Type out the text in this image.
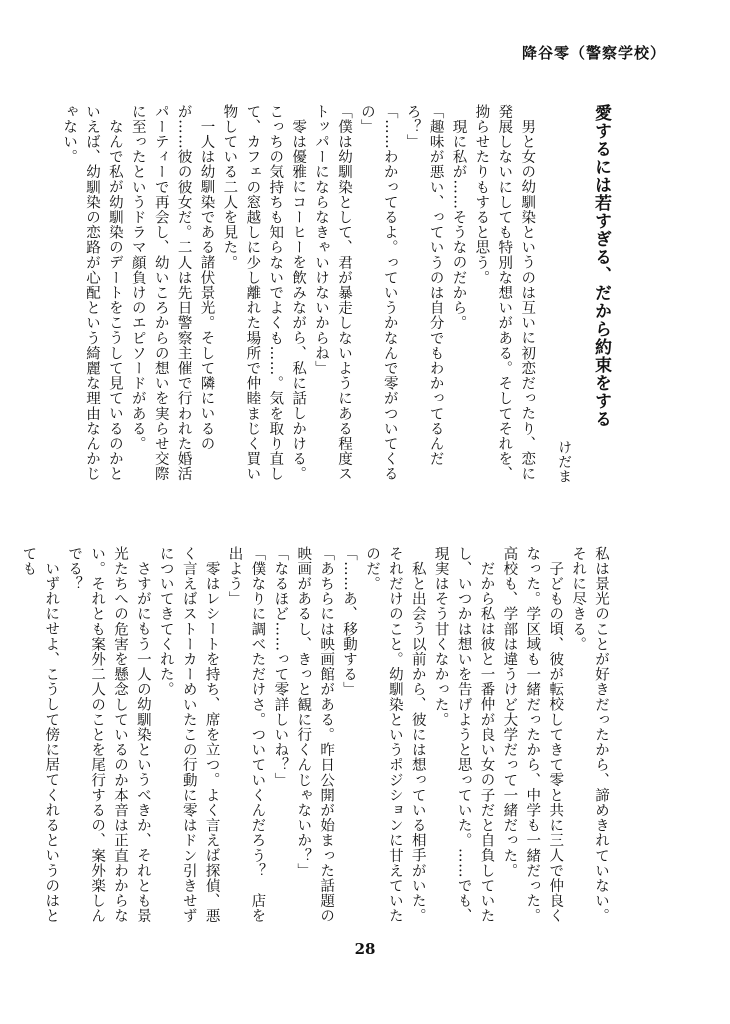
降谷零（警察学校）
愛するには若すぎる、だから約束をする
けだま

男と女の幼馴染というのは互いに初恋だったり、恋に発展しないにしても特別な想いがある。そしてそれを、拗らせたりもすると思う。

現に私が……そうなのだから。

「趣味が悪い、っていうのは自分でもわかってるんだろ？」

「……わかってるよ。っていうかなんで零がついてくるの」

「僕は幼馴染として、君が暴走しないようにある程度ストッパーにならなきゃいけないからね」

零は優雅にコーヒーを飲みながら、私に話しかける。こっちの気持ちも知らないでよくも……。気を取り直して、カフェの窓越しに少し離れた場所で仲睦まじく買い物している二人を見た。

一人は幼馴染である諸伏景光。そして隣にいるのが……彼の彼女だ。二人は先日警察主催で行われた婚活パーティーで再会し、幼いころからの想いを実らせ交際に至ったというドラマ顔負けのエピソードがある。

なんで私が幼馴染のデートをこうして見ているのかといえば、幼馴染の恋路が心配という綺麗な理由なんかじゃない。

私は景光のことが好きだったから、諦めきれていない。それに尽きる。

子どもの頃、彼が転校してきて零と共に三人で仲良くなった。学区域も一緒だったから、中学も一緒だった。高校も、学部は違うけど大学だって一緒だった。

だから私は彼と一番仲が良い女の子だと自負していたし、いつかは想いを告げようと思っていた。……でも、現実はそう甘くなかった。

私と出会う以前から、彼には想っている相手がいた。それだけのこと。幼馴染というポジションに甘えていたのだ。

「……あ、移動する」

「あちらには映画館がある。昨日公開が始まった話題の映画があるし、きっと観に行くんじゃないか？」

「なるほど……って零詳しいね？」

「僕なりに調べただけさ。ついていくんだろう？　店を出よう」

零はレシートを持ち、席を立つ。よく言えば探偵、悪く言えばストーカーめいたこの行動に零はドン引きせずについてきてくれた。

さすがにもう一人の幼馴染というべきか、それとも景光たちへの危害を懸念しているのか本音は正直わからない。それとも案外二人のことを尾行するの、案外楽しんでる？

いずれにせよ、こうして傍に居てくれるというのはとても

28
